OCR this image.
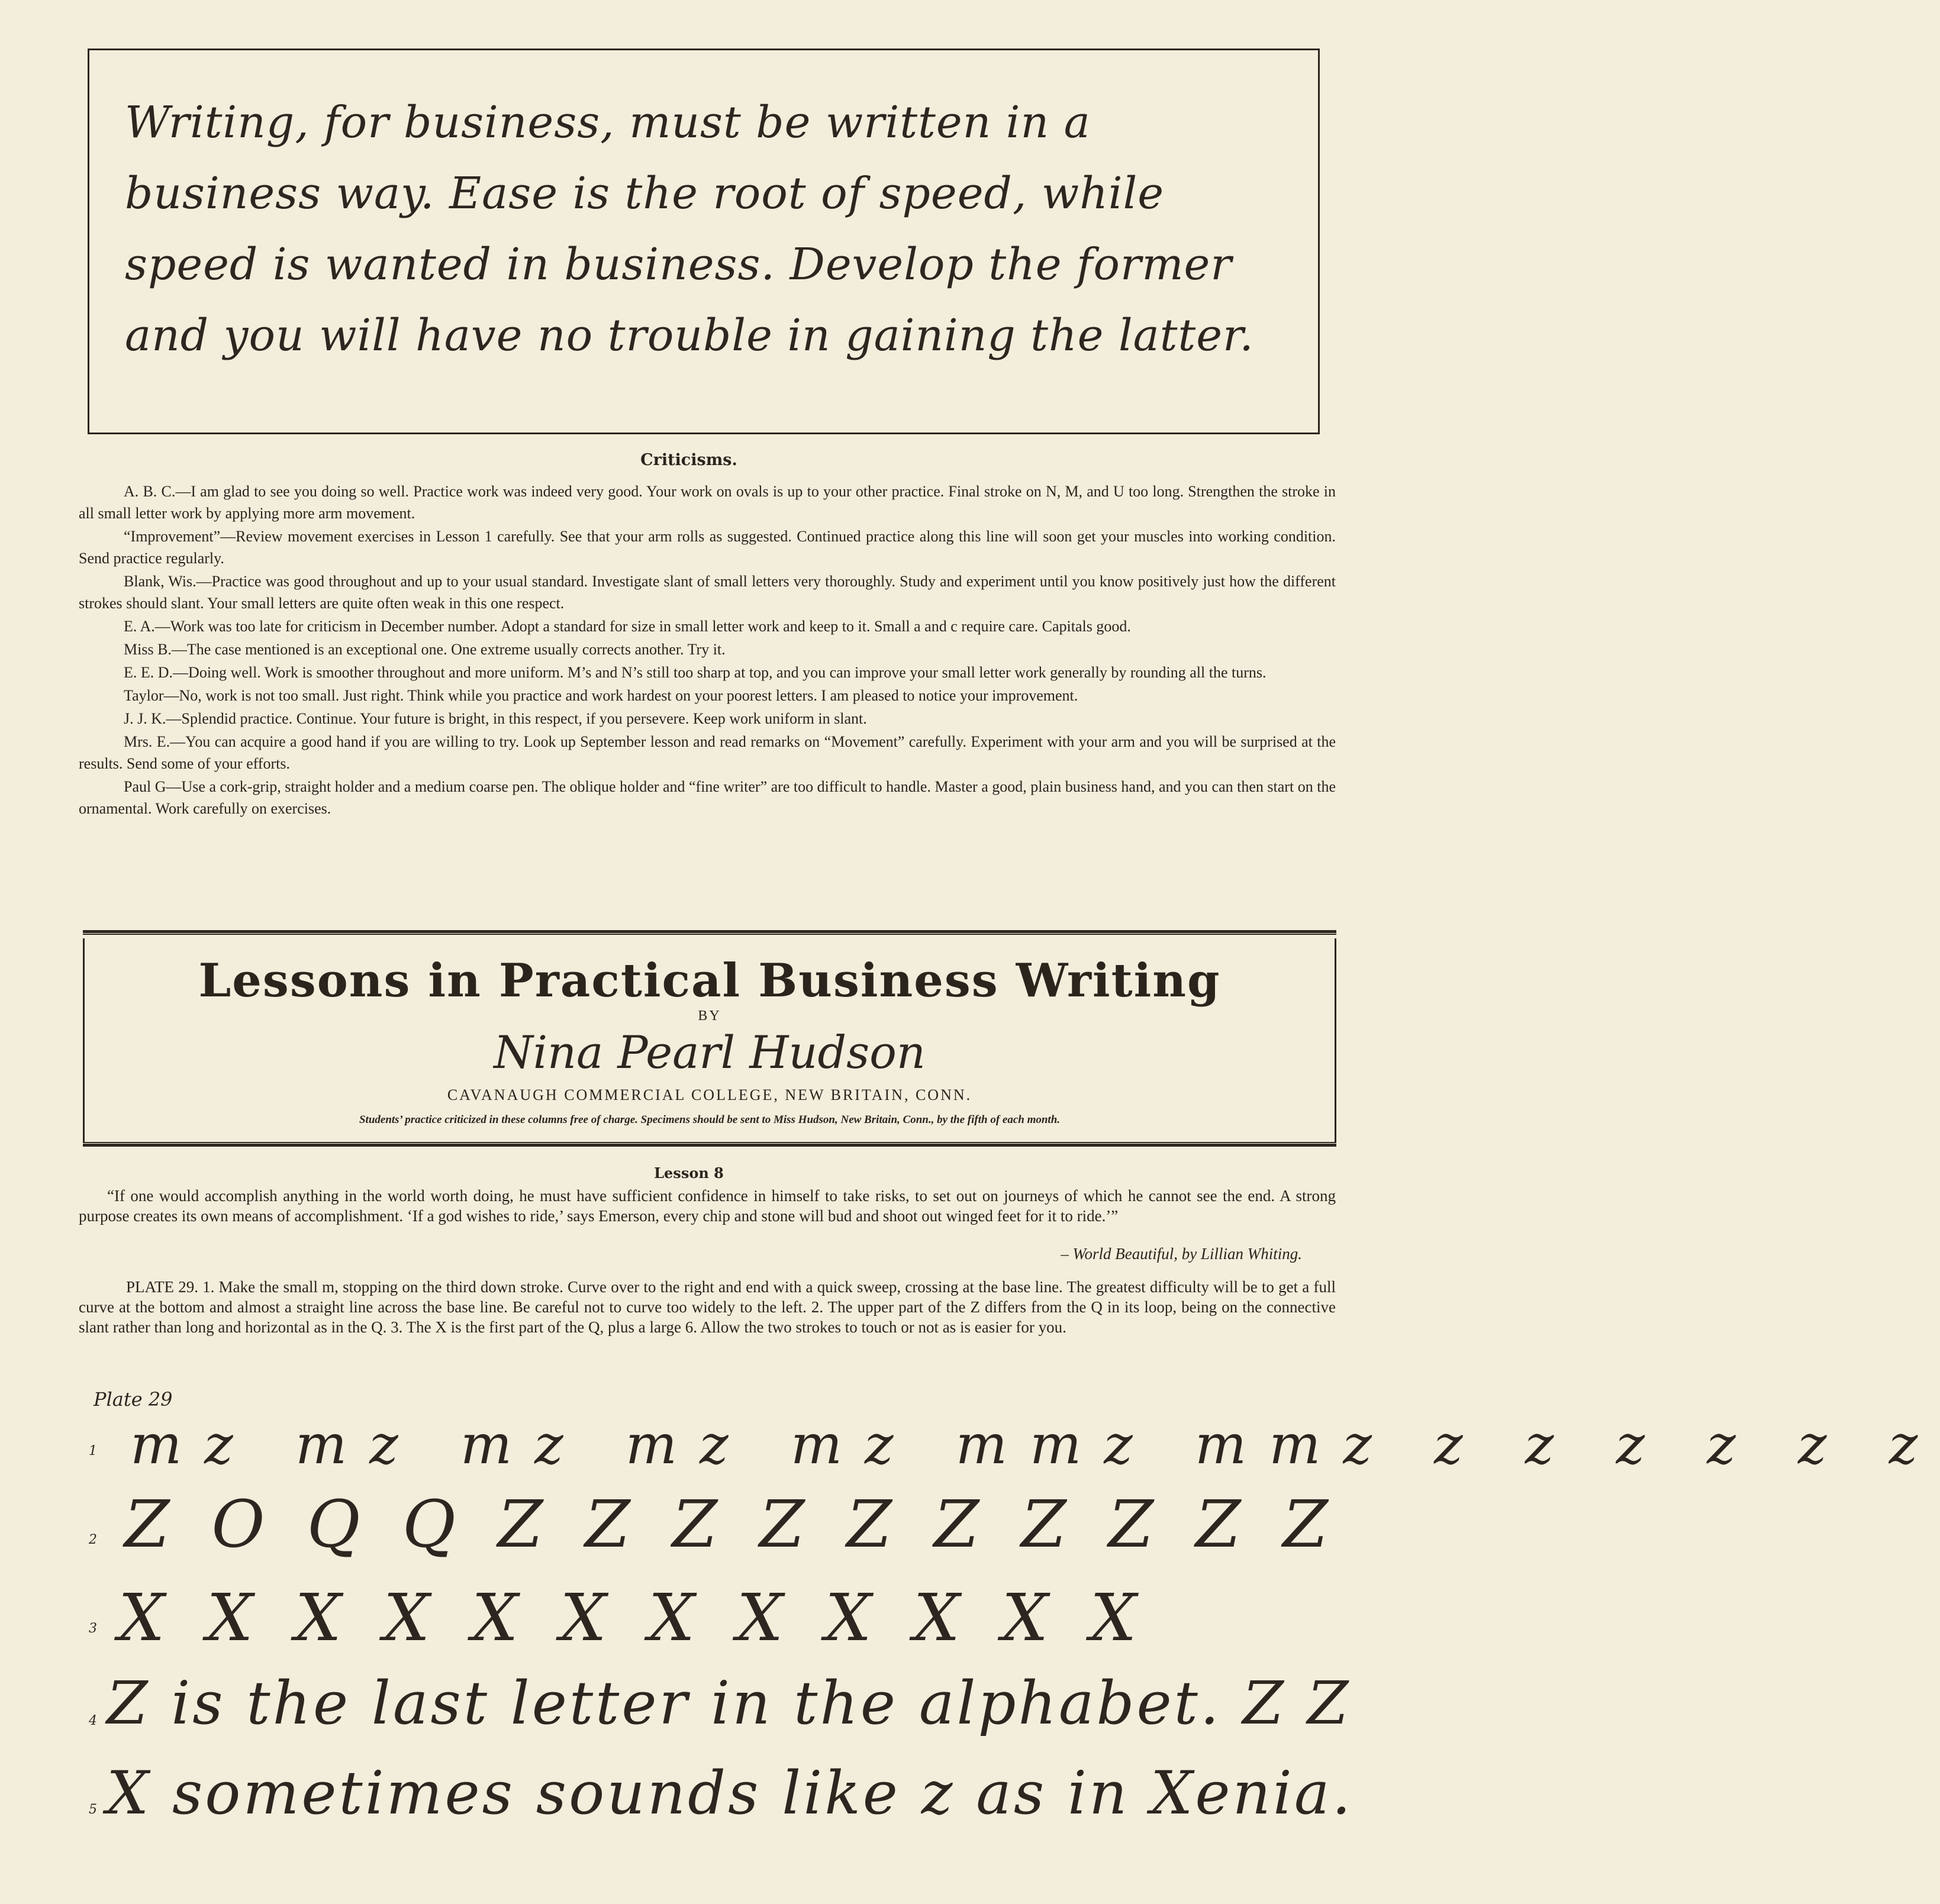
Writing, for business, must be written in a business way. Ease is the root of speed, while speed is wanted in business. Develop the former and you will have no trouble in gaining the latter.
Criticisms.

A. B. C.—I am glad to see you doing so well. Practice work was indeed very good. Your work on ovals is up to your other practice. Final stroke on N, M, and U too long. Strengthen the stroke in all small letter work by applying more arm movement.

“Improvement”—Review movement exercises in Lesson 1 carefully. See that your arm rolls as suggested. Continued practice along this line will soon get your muscles into working condition. Send practice regularly.

Blank, Wis.—Practice was good throughout and up to your usual standard. Investigate slant of small letters very thoroughly. Study and experiment until you know positively just how the different strokes should slant. Your small letters are quite often weak in this one respect.

E. A.—Work was too late for criticism in December number. Adopt a standard for size in small letter work and keep to it. Small a and c require care. Capitals good.

Miss B.—The case mentioned is an exceptional one. One extreme usually corrects another. Try it.

E. E. D.—Doing well. Work is smoother throughout and more uniform. M’s and N’s still too sharp at top, and you can improve your small letter work generally by rounding all the turns.

Taylor—No, work is not too small. Just right. Think while you practice and work hardest on your poorest letters. I am pleased to notice your improvement.

J. J. K.—Splendid practice. Continue. Your future is bright, in this respect, if you persevere. Keep work uniform in slant.

Mrs. E.—You can acquire a good hand if you are willing to try. Look up September lesson and read remarks on “Movement” carefully. Experiment with your arm and you will be surprised at the results. Send some of your efforts.

Paul G—Use a cork-grip, straight holder and a medium coarse pen. The oblique holder and “fine writer” are too difficult to handle. Master a good, plain business hand, and you can then start on the ornamental. Work carefully on exercises.

Lessons in Practical Business Writing
BY
Nina Pearl Hudson
CAVANAUGH COMMERCIAL COLLEGE, NEW BRITAIN, CONN.
Students’ practice criticized in these columns free of charge. Specimens should be sent to Miss Hudson, New Britain, Conn., by the fifth of each month.
Lesson 8
“If one would accomplish anything in the world worth doing, he must have sufficient confidence in himself to take risks, to set out on journeys of which he cannot see the end. A strong purpose creates its own means of accomplishment. ‘If a god wishes to ride,’ says Emerson, every chip and stone will bud and shoot out winged feet for it to ride.’”
– World Beautiful, by Lillian Whiting.
PLATE 29. 1. Make the small m, stopping on the third down stroke. Curve over to the right and end with a quick sweep, crossing at the base line. The greatest difficulty will be to get a full curve at the bottom and almost a straight line across the base line. Be careful not to curve too widely to the left. 2. The upper part of the Z differs from the Q in its loop, being on the connective slant rather than long and horizontal as in the Q. 3. The X is the first part of the Q, plus a large 6. Allow the two strokes to touch or not as is easier for you.
Plate 29
1 mz mz mz mz mz mmz mmz z z z z z z
2 Z O Q Q Z Z Z Z Z Z Z Z Z Z
3 X X X X X X X X X X X X
4 Z is the last letter in the alphabet. Z Z
5 X sometimes sounds like z as in Xenia.
